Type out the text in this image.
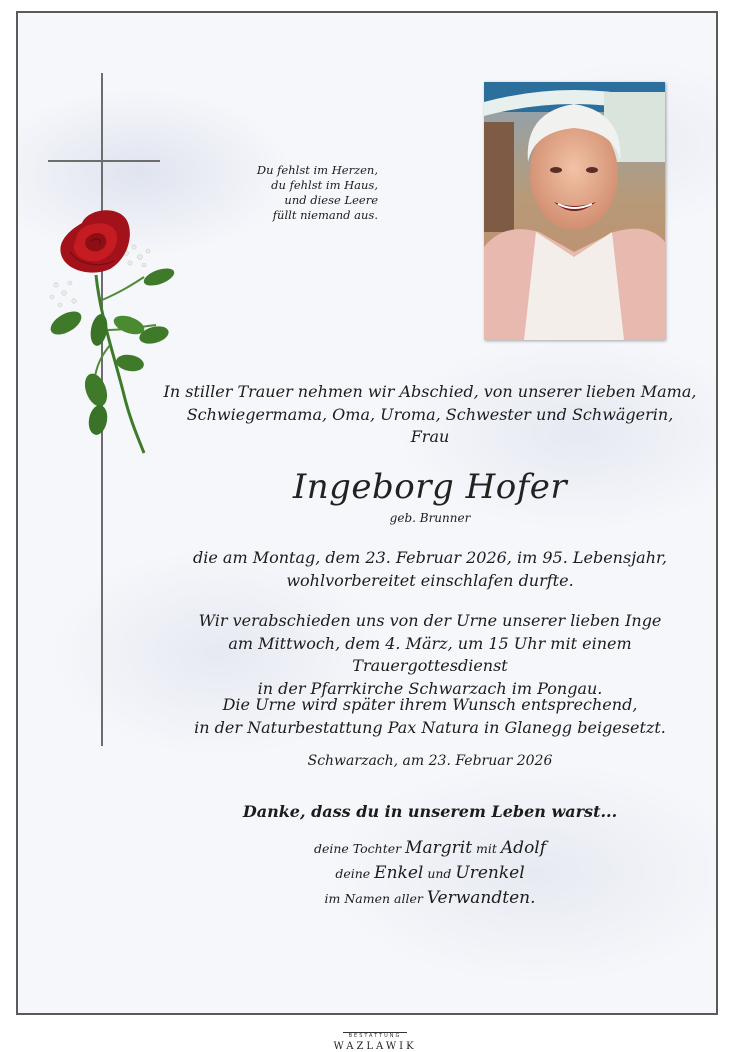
Du fehlst im Herzen,
du fehlst im Haus,
und diese Leere
füllt niemand aus.
In stiller Trauer nehmen wir Abschied, von unserer lieben Mama,
Schwiegermama, Oma, Uroma, Schwester und Schwägerin,
Frau
Ingeborg Hofer
geb. Brunner
die am Montag, dem 23. Februar 2026, im 95. Lebensjahr,
wohlvorbereitet einschlafen durfte.
Wir verabschieden uns von der Urne unserer lieben Inge
am Mittwoch, dem 4. März, um 15 Uhr mit einem Trauergottesdienst
in der Pfarrkirche Schwarzach im Pongau.
Die Urne wird später ihrem Wunsch entsprechend,
in der Naturbestattung Pax Natura in Glanegg beigesetzt.
Schwarzach, am 23. Februar 2026
Danke, dass du in unserem Leben warst...
deine Tochter Margrit mit Adolf
deine Enkel und Urenkel
im Namen aller Verwandten.
BESTATTUNG
WAZLAWIK
